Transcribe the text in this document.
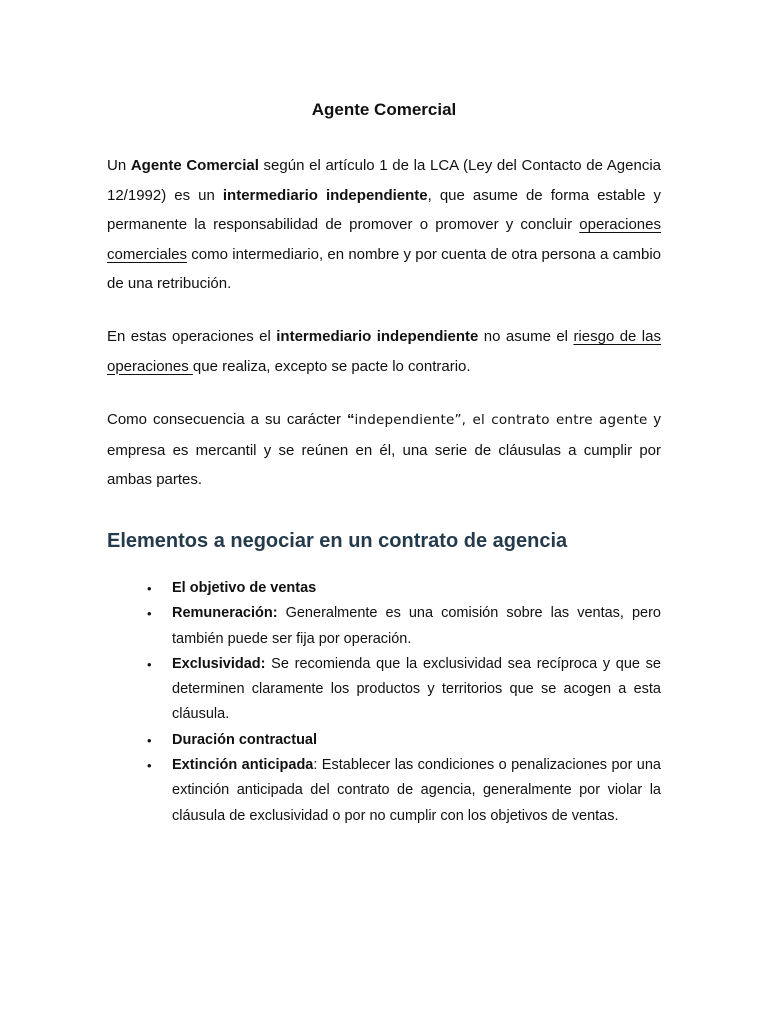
Agente Comercial

Un Agente Comercial según el artículo 1 de la LCA (Ley del Contacto de Agencia 12/1992) es un intermediario independiente, que asume de forma estable y permanente la responsabilidad de promover o promover y concluir operaciones comerciales como intermediario, en nombre y por cuenta de otra persona a cambio de una retribución.

En estas operaciones el intermediario independiente no asume el riesgo de las operaciones que realiza, excepto se pacte lo contrario.

Como consecuencia a su carácter “independiente”, el contrato entre agente y empresa es mercantil y se reúnen en él, una serie de cláusulas a cumplir por ambas partes.

Elementos a negociar en un contrato de agencia
• El objetivo de ventas
• Remuneración: Generalmente es una comisión sobre las ventas, pero también puede ser fija por operación.
• Exclusividad: Se recomienda que la exclusividad sea recíproca y que se determinen claramente los productos y territorios que se acogen a esta cláusula.
• Duración contractual
• Extinción anticipada: Establecer las condiciones o penalizaciones por una extinción anticipada del contrato de agencia, generalmente por violar la cláusula de exclusividad o por no cumplir con los objetivos de ventas.
